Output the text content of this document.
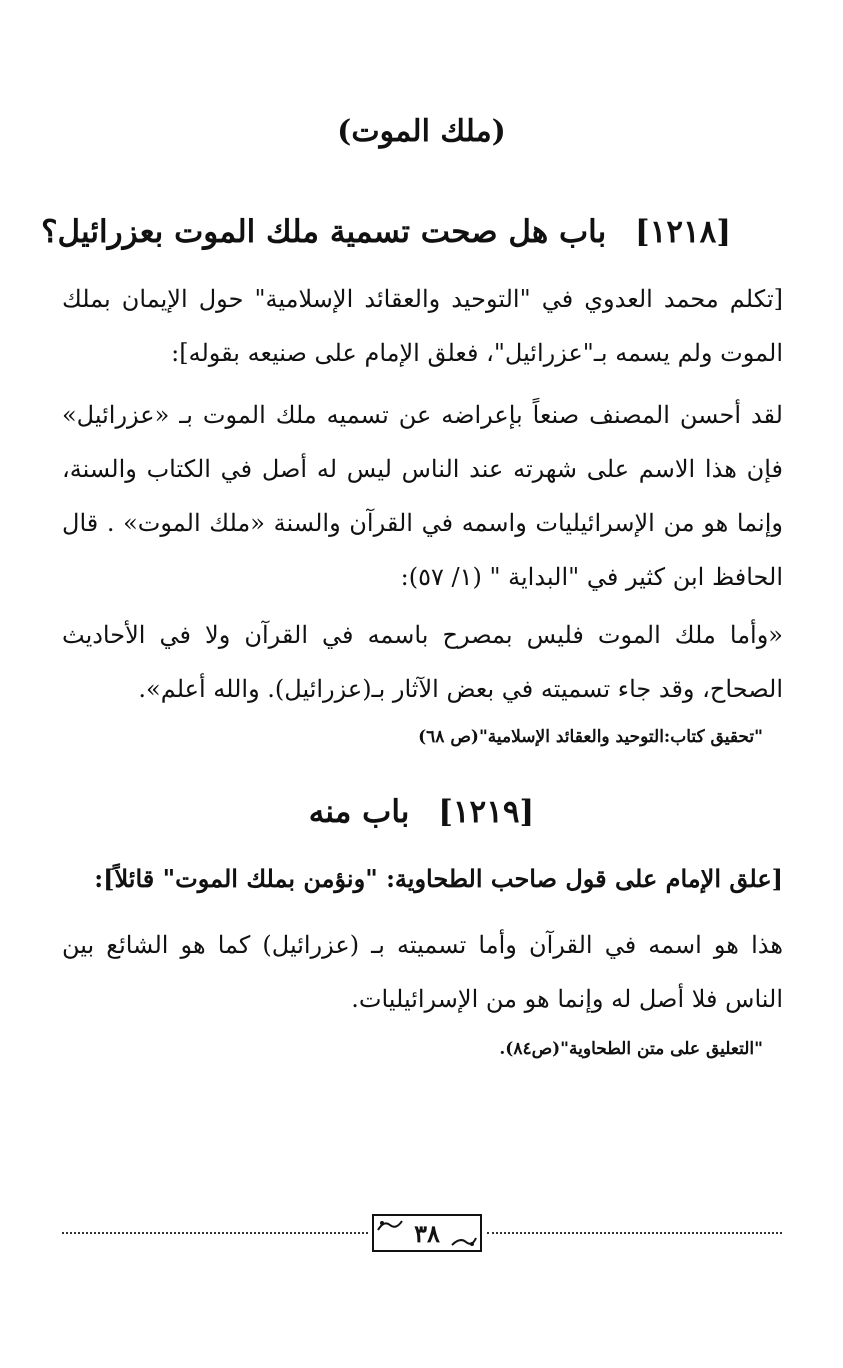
(ملك الموت)
[١٢١٨] باب هل صحت تسمية ملك الموت بعزرائيل؟
[تكلم محمد العدوي في "التوحيد والعقائد الإسلامية" حول الإيمان بملك الموت ولم يسمه بـ"عزرائيل"، فعلق الإمام على صنيعه بقوله]:
لقد أحسن المصنف صنعاً بإعراضه عن تسميه ملك الموت بـ «عزرائيل» فإن هذا الاسم على شهرته عند الناس ليس له أصل في الكتاب والسنة، وإنما هو من الإسرائيليات واسمه في القرآن والسنة «ملك الموت» . قال الحافظ ابن كثير في "البداية " (١/ ٥٧):
«وأما ملك الموت فليس بمصرح باسمه في القرآن ولا في الأحاديث الصحاح، وقد جاء تسميته في بعض الآثار بـ(عزرائيل). والله أعلم».
"تحقيق كتاب:التوحيد والعقائد الإسلامية"(ص ٦٨)
[١٢١٩] باب منه
[علق الإمام على قول صاحب الطحاوية: "ونؤمن بملك الموت" قائلاً]:
هذا هو اسمه في القرآن وأما تسميته بـ (عزرائيل) كما هو الشائع بين الناس فلا أصل له وإنما هو من الإسرائيليات.
"التعليق على متن الطحاوية"(ص٨٤).
٣٨
